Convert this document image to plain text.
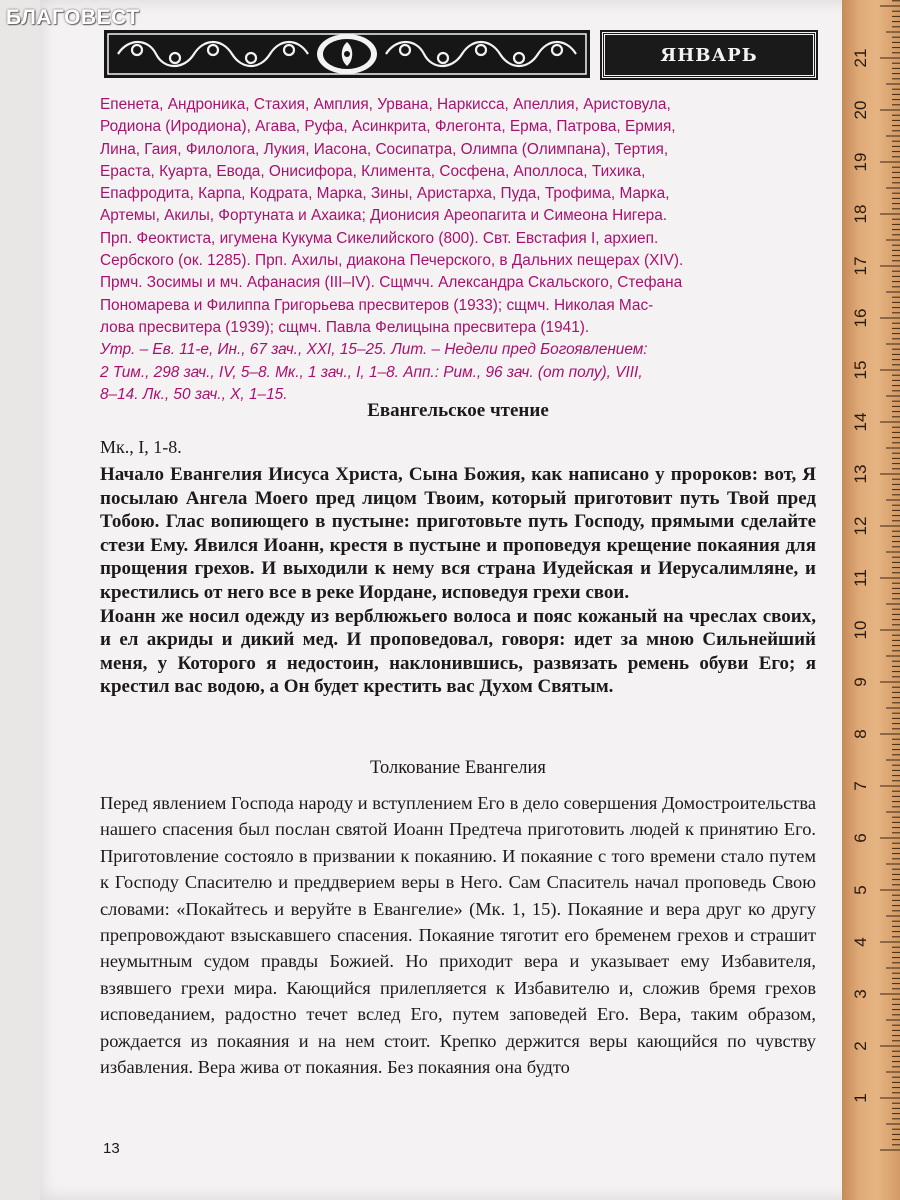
БЛАГОВЕСТ
ЯНВАРЬ

Епенета, Андроника, Стахия, Амплия, Урвана, Наркисса, Апеллия, Аристовула,

Родиона (Иродиона), Агава, Руфа, Асинкрита, Флегонта, Ерма, Патрова, Ермия,

Лина, Гаия, Филолога, Лукия, Иасона, Сосипатра, Олимпа (Олимпана), Тертия,

Ераста, Куарта, Евода, Онисифора, Климента, Сосфена, Аполлоса, Тихика,

Епафродита, Карпа, Кодрата, Марка, Зины, Аристарха, Пуда, Трофима, Марка,

Артемы, Акилы, Фортуната и Ахаика; Дионисия Ареопагита и Симеона Нигера.

Прп. Феоктиста, игумена Кукума Сикелийского (800). Свт. Евстафия I, архиеп.

Сербского (ок. 1285). Прп. Ахилы, диакона Печерского, в Дальних пещерах (XIV).

Прмч. Зосимы и мч. Афанасия (III–IV). Сщмчч. Александра Скальского, Стефана

Пономарева и Филиппа Григорьева пресвитеров (1933); сщмч. Николая Мас-

лова пресвитера (1939); сщмч. Павла Фелицына пресвитера (1941).

Утр. – Ев. 11-е, Ин., 67 зач., XXI, 15–25. Лит. – Недели пред Богоявлением:

2 Тим., 298 зач., IV, 5–8. Мк., 1 зач., I, 1–8. Апп.: Рим., 96 зач. (от полу), VIII,

8–14. Лк., 50 зач., X, 1–15.

Евангельское чтение
Мк., I, 1-8.

Начало Евангелия Иисуса Христа, Сына Божия, как написано у пророков: вот, Я посылаю Ангела Моего пред лицом Твоим, который приготовит путь Твой пред Тобою. Глас вопиющего в пустыне: приготовьте путь Господу, прямыми сделайте стези Ему. Явился Иоанн, крестя в пустыне и проповедуя крещение покаяния для прощения грехов. И выходили к нему вся страна Иудейская и Иерусалимляне, и крестились от него все в реке Иордане, исповедуя грехи свои.

Иоанн же носил одежду из верблюжьего волоса и пояс кожаный на чреслах своих, и ел акриды и дикий мед. И проповедовал, говоря: идет за мною Сильнейший меня, у Которого я недостоин, наклонившись, развязать ремень обуви Его; я крестил вас водою, а Он будет крестить вас Духом Святым.

Толкование Евангелия

Перед явлением Господа народу и вступлением Его в дело совершения Домостроительства нашего спасения был послан святой Иоанн Предтеча приготовить людей к принятию Его. Приготовление состояло в призвании к покаянию. И покаяние с того времени стало путем к Господу Спасителю и преддверием веры в Него. Сам Спаситель начал проповедь Свою словами: «Покайтесь и веруйте в Евангелие» (Мк. 1, 15). Покаяние и вера друг ко другу препровождают взыскавшего спасения. Покаяние тяготит его бременем грехов и страшит неумытным судом правды Божией. Но приходит вера и указывает ему Избавителя, взявшего грехи мира. Кающийся прилепляется к Избавителю и, сложив бремя грехов исповеданием, радостно течет вслед Его, путем заповедей Его. Вера, таким образом, рождается из покаяния и на нем стоит. Крепко держится веры кающийся по чувству избавления. Вера жива от покаяния. Без покаяния она будто

13
1
2
3
4
5
6
7
8
9
10
11
12
13
14
15
16
17
18
19
20
21
